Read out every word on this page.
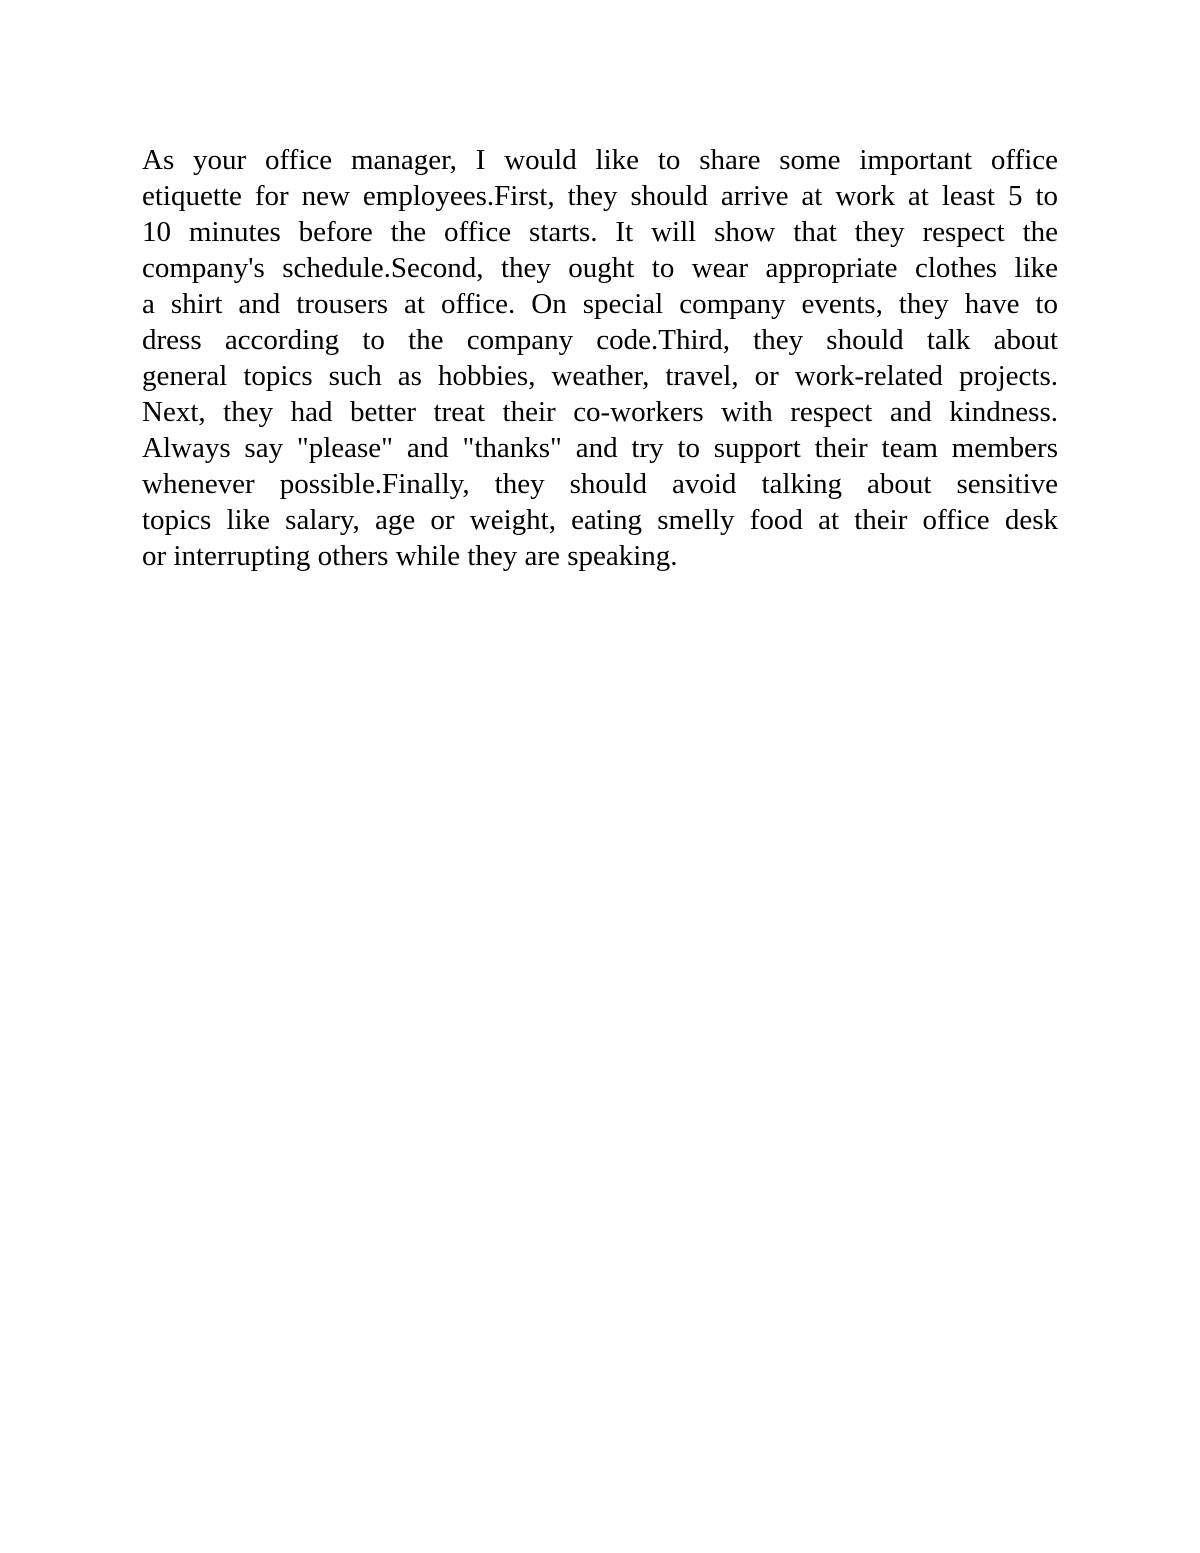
As your office manager, I would like to share some important office
etiquette for new employees.First, they should arrive at work at least 5 to
10 minutes before the office starts. It will show that they respect the
company's schedule.Second, they ought to wear appropriate clothes like
a shirt and trousers at office. On special company events, they have to
dress according to the company code.Third, they should talk about
general topics such as hobbies, weather, travel, or work-related projects.
Next, they had better treat their co-workers with respect and kindness.
Always say "please" and "thanks" and try to support their team members
whenever possible.Finally, they should avoid talking about sensitive
topics like salary, age or weight, eating smelly food at their office desk
or interrupting others while they are speaking.
